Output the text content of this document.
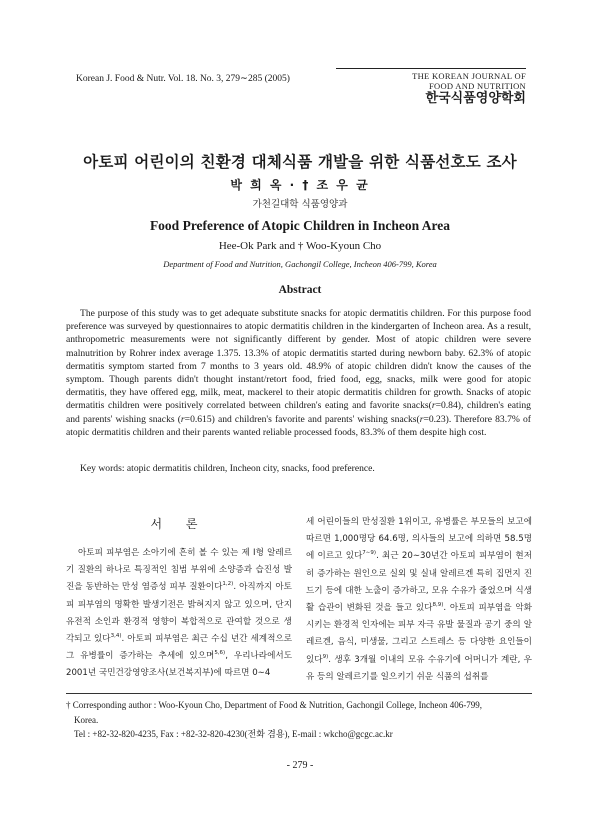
Korean J. Food & Nutr. Vol. 18. No. 3, 279∼285 (2005)	THE KOREAN JOURNAL OF
FOOD AND NUTRITION
한국식품영양학회
아토피 어린이의 친환경 대체식품 개발을 위한 식품선호도 조사
박 희 옥 · † 조 우 균
가천길대학 식품영양과
Food Preference of Atopic Children in Incheon Area
Hee-Ok Park and † Woo-Kyoun Cho
Department of Food and Nutrition, Gachongil College, Incheon 406-799, Korea
Abstract
The purpose of this study was to get adequate substitute snacks for atopic dermatitis children. For this purpose food preference was surveyed by questionnaires to atopic dermatitis children in the kindergarten of Incheon area. As a result, anthropometric measurements were not significantly different by gender. Most of atopic children were severe malnutrition by Rohrer index average 1.375. 13.3% of atopic dermatitis started during newborn baby. 62.3% of atopic dermatitis symptom started from 7 months to 3 years old. 48.9% of atopic children didn't know the causes of the symptom. Though parents didn't thought instant/retort food, fried food, egg, snacks, milk were good for atopic dermatitis, they have offered egg, milk, meat, mackerel to their atopic dermatitis children for growth. Snacks of atopic dermatitis children were positively correlated between children's eating and favorite snacks(r=0.84), children's eating and parents' wishing snacks (r=0.615) and children's favorite and parents' wishing snacks(r=0.23). Therefore 83.7% of atopic dermatitis children and their parents wanted reliable processed foods, 83.3% of them despite high cost.
Key words: atopic dermatitis children, Incheon city, snacks, food preference.
서 론
아토피 피부염은 소아기에 흔히 볼 수 있는 제 I형 알레르기 질환의 하나로 특징적인 침범 부위에 소양증과 습진성 발진을 동반하는 만성 염증성 피부 질환이다$^{1,2)}$. 아직까지 아토피 피부염의 명확한 발생기전은 밝혀지지 않고 있으며, 단지 유전적 소인과 환경적 영향이 복합적으로 관여할 것으로 생각되고 있다$^{3,4)}$. 아토피 피부염은 최근 수십 년간 세계적으로 그 유병률이 증가하는 추세에 있으며$^{5,6)}$, 우리나라에서도 2001년 국민건강영양조사(보건복지부)에 따르면 0∼4
세 어린이들의 만성질환 1위이고, 유병률은 부모들의 보고에 따르면 1,000명당 64.6명, 의사들의 보고에 의하면 58.5명에 이르고 있다$^{7\sim 9)}$. 최근 20∼30년간 아토피 피부염이 현저히 증가하는 원인으로 실외 및 실내 알레르겐 특히 집먼지 진드기 등에 대한 노출이 증가하고, 모유 수유가 줄었으며 식생활 습관이 변화된 것을 들고 있다$^{8,9)}$. 아토피 피부염을 악화시키는 환경적 인자에는 피부 자극 유발 물질과 공기 중의 알레르겐, 음식, 미생물, 그리고 스트레스 등 다양한 요인들이 있다$^{9)}$. 생후 3개월 이내의 모유 수유기에 어머니가 계란, 우유 등의 알레르기를 일으키기 쉬운 식품의 섭취를
† Corresponding author : Woo-Kyoun Cho, Department of Food & Nutrition, Gachongil College, Incheon 406-799,
Korea.
Tel : +82-32-820-4235, Fax : +82-32-820-4230(전화 겸용), E-mail : wkcho@gcgc.ac.kr
- 279 -
